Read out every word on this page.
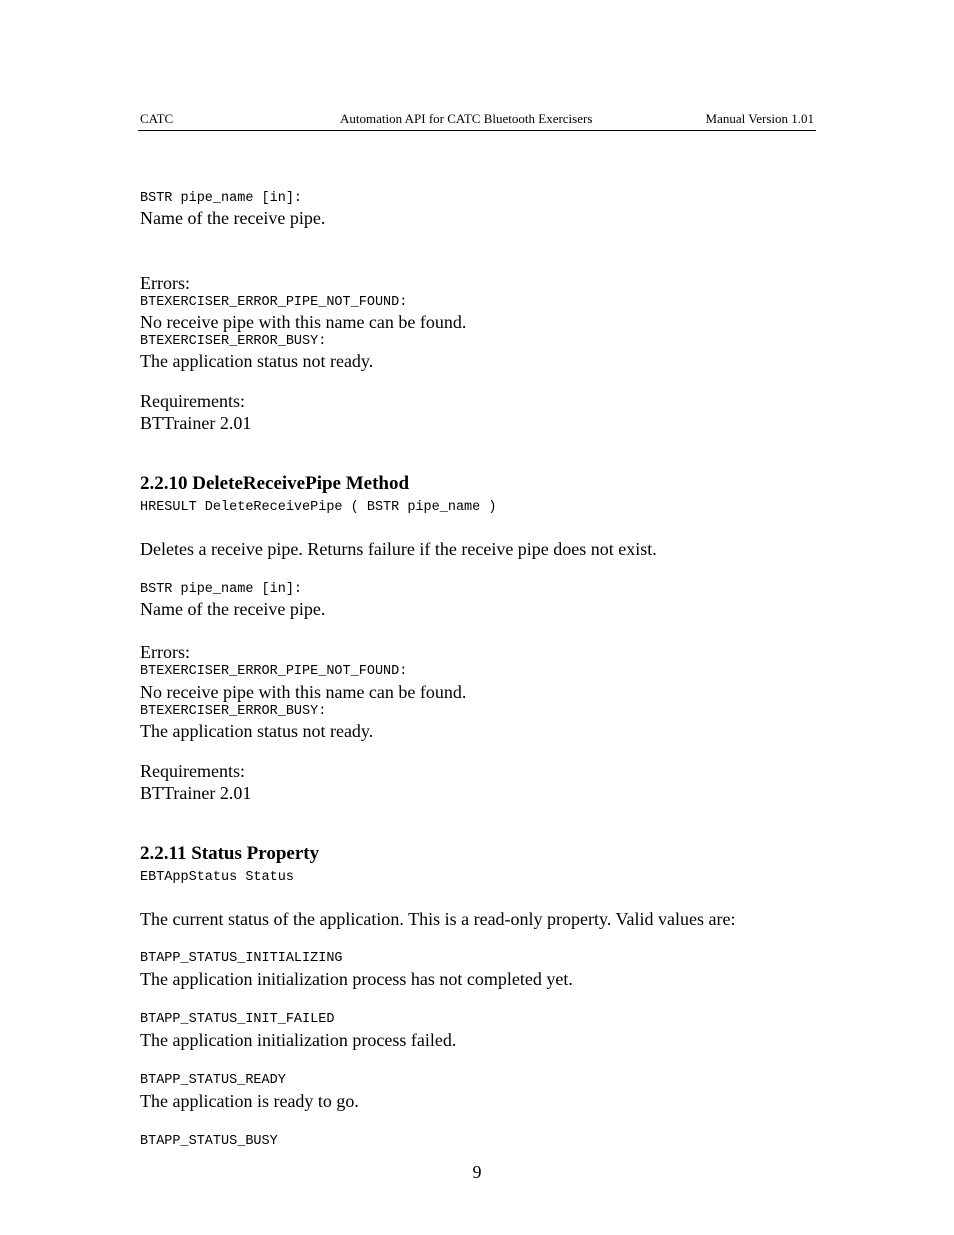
CATC	Automation API for CATC Bluetooth Exercisers	Manual Version 1.01
BSTR pipe_name [in]:
Name of the receive pipe.
Errors:
BTEXERCISER_ERROR_PIPE_NOT_FOUND:
No receive pipe with this name can be found.
BTEXERCISER_ERROR_BUSY:
The application status not ready.
Requirements:
BTTrainer 2.01
2.2.10 DeleteReceivePipe Method
HRESULT DeleteReceivePipe ( BSTR pipe_name )
Deletes a receive pipe. Returns failure if the receive pipe does not exist.
BSTR pipe_name [in]:
Name of the receive pipe.
Errors:
BTEXERCISER_ERROR_PIPE_NOT_FOUND:
No receive pipe with this name can be found.
BTEXERCISER_ERROR_BUSY:
The application status not ready.
Requirements:
BTTrainer 2.01
2.2.11 Status Property
EBTAppStatus Status
The current status of the application. This is a read-only property. Valid values are:
BTAPP_STATUS_INITIALIZING
The application initialization process has not completed yet.
BTAPP_STATUS_INIT_FAILED
The application initialization process failed.
BTAPP_STATUS_READY
The application is ready to go.
BTAPP_STATUS_BUSY
9
